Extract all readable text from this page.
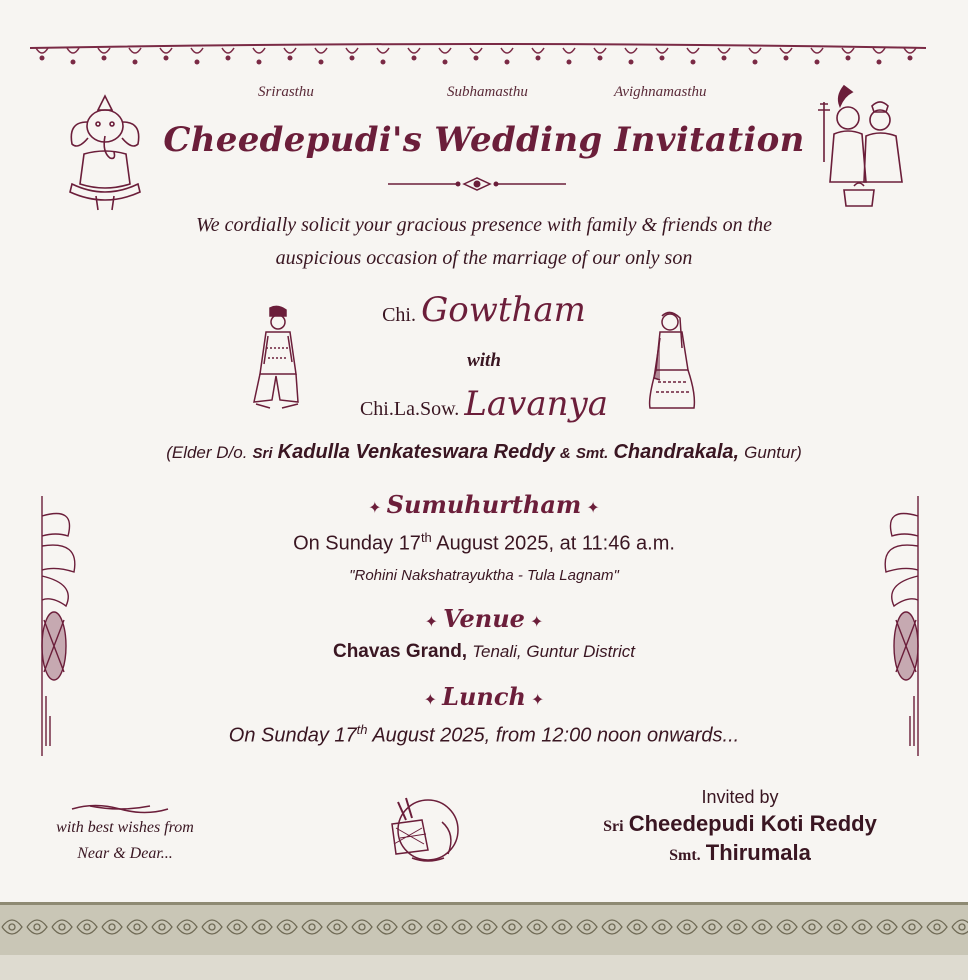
Srirasthu	Subhamasthu	Avighnamasthu
Cheedepudi's Wedding Invitation
We cordially solicit your gracious presence with family & friends on the
auspicious occasion of the marriage of our only son
Chi. Gowtham
with
Chi.La.Sow. Lavanya
(Elder D/o. Sri Kadulla Venkateswara Reddy & Smt. Chandrakala, Guntur)
✦ Sumuhurtham ✦
On Sunday 17th August 2025, at 11:46 a.m.
"Rohini Nakshatrayuktha - Tula Lagnam"
✦ Venue ✦
Chavas Grand, Tenali, Guntur District
✦ Lunch ✦
On Sunday 17th August 2025, from 12:00 noon onwards...
with best wishes from
Near & Dear...
Invited by
Sri Cheedepudi Koti Reddy
Smt. Thirumala
